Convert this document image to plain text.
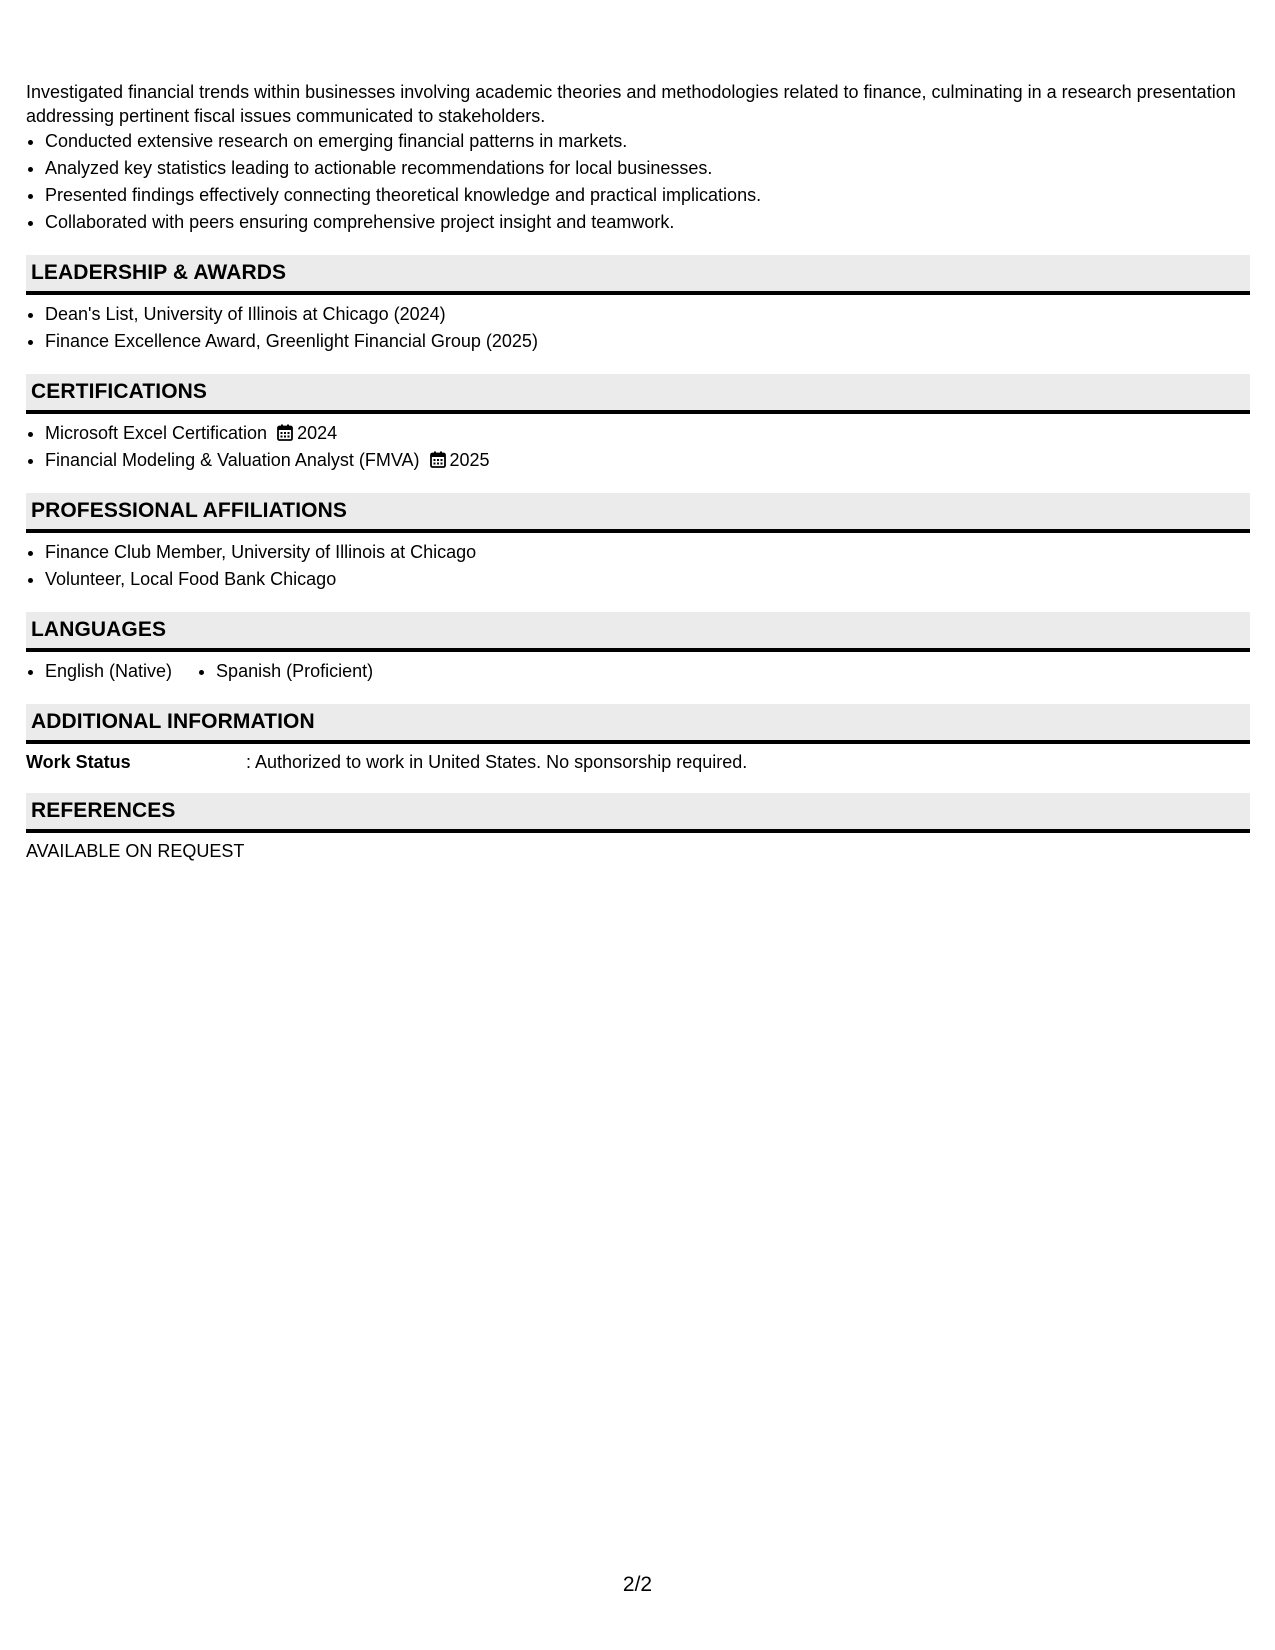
Investigated financial trends within businesses involving academic theories and methodologies related to finance, culminating in a research presentation addressing pertinent fiscal issues communicated to stakeholders.

• Conducted extensive research on emerging financial patterns in markets.
• Analyzed key statistics leading to actionable recommendations for local businesses.
• Presented findings effectively connecting theoretical knowledge and practical implications.
• Collaborated with peers ensuring comprehensive project insight and teamwork.
LEADERSHIP & AWARDS
• Dean's List, University of Illinois at Chicago (2024)
• Finance Excellence Award, Greenlight Financial Group (2025)
CERTIFICATIONS
• Microsoft Excel Certification 2024
• Financial Modeling & Valuation Analyst (FMVA) 2025
PROFESSIONAL AFFILIATIONS
• Finance Club Member, University of Illinois at Chicago
• Volunteer, Local Food Bank Chicago
LANGUAGES
• English (Native)
• Spanish (Proficient)
ADDITIONAL INFORMATION
Work Status	: Authorized to work in United States. No sponsorship required.
REFERENCES
AVAILABLE ON REQUEST
2/2
